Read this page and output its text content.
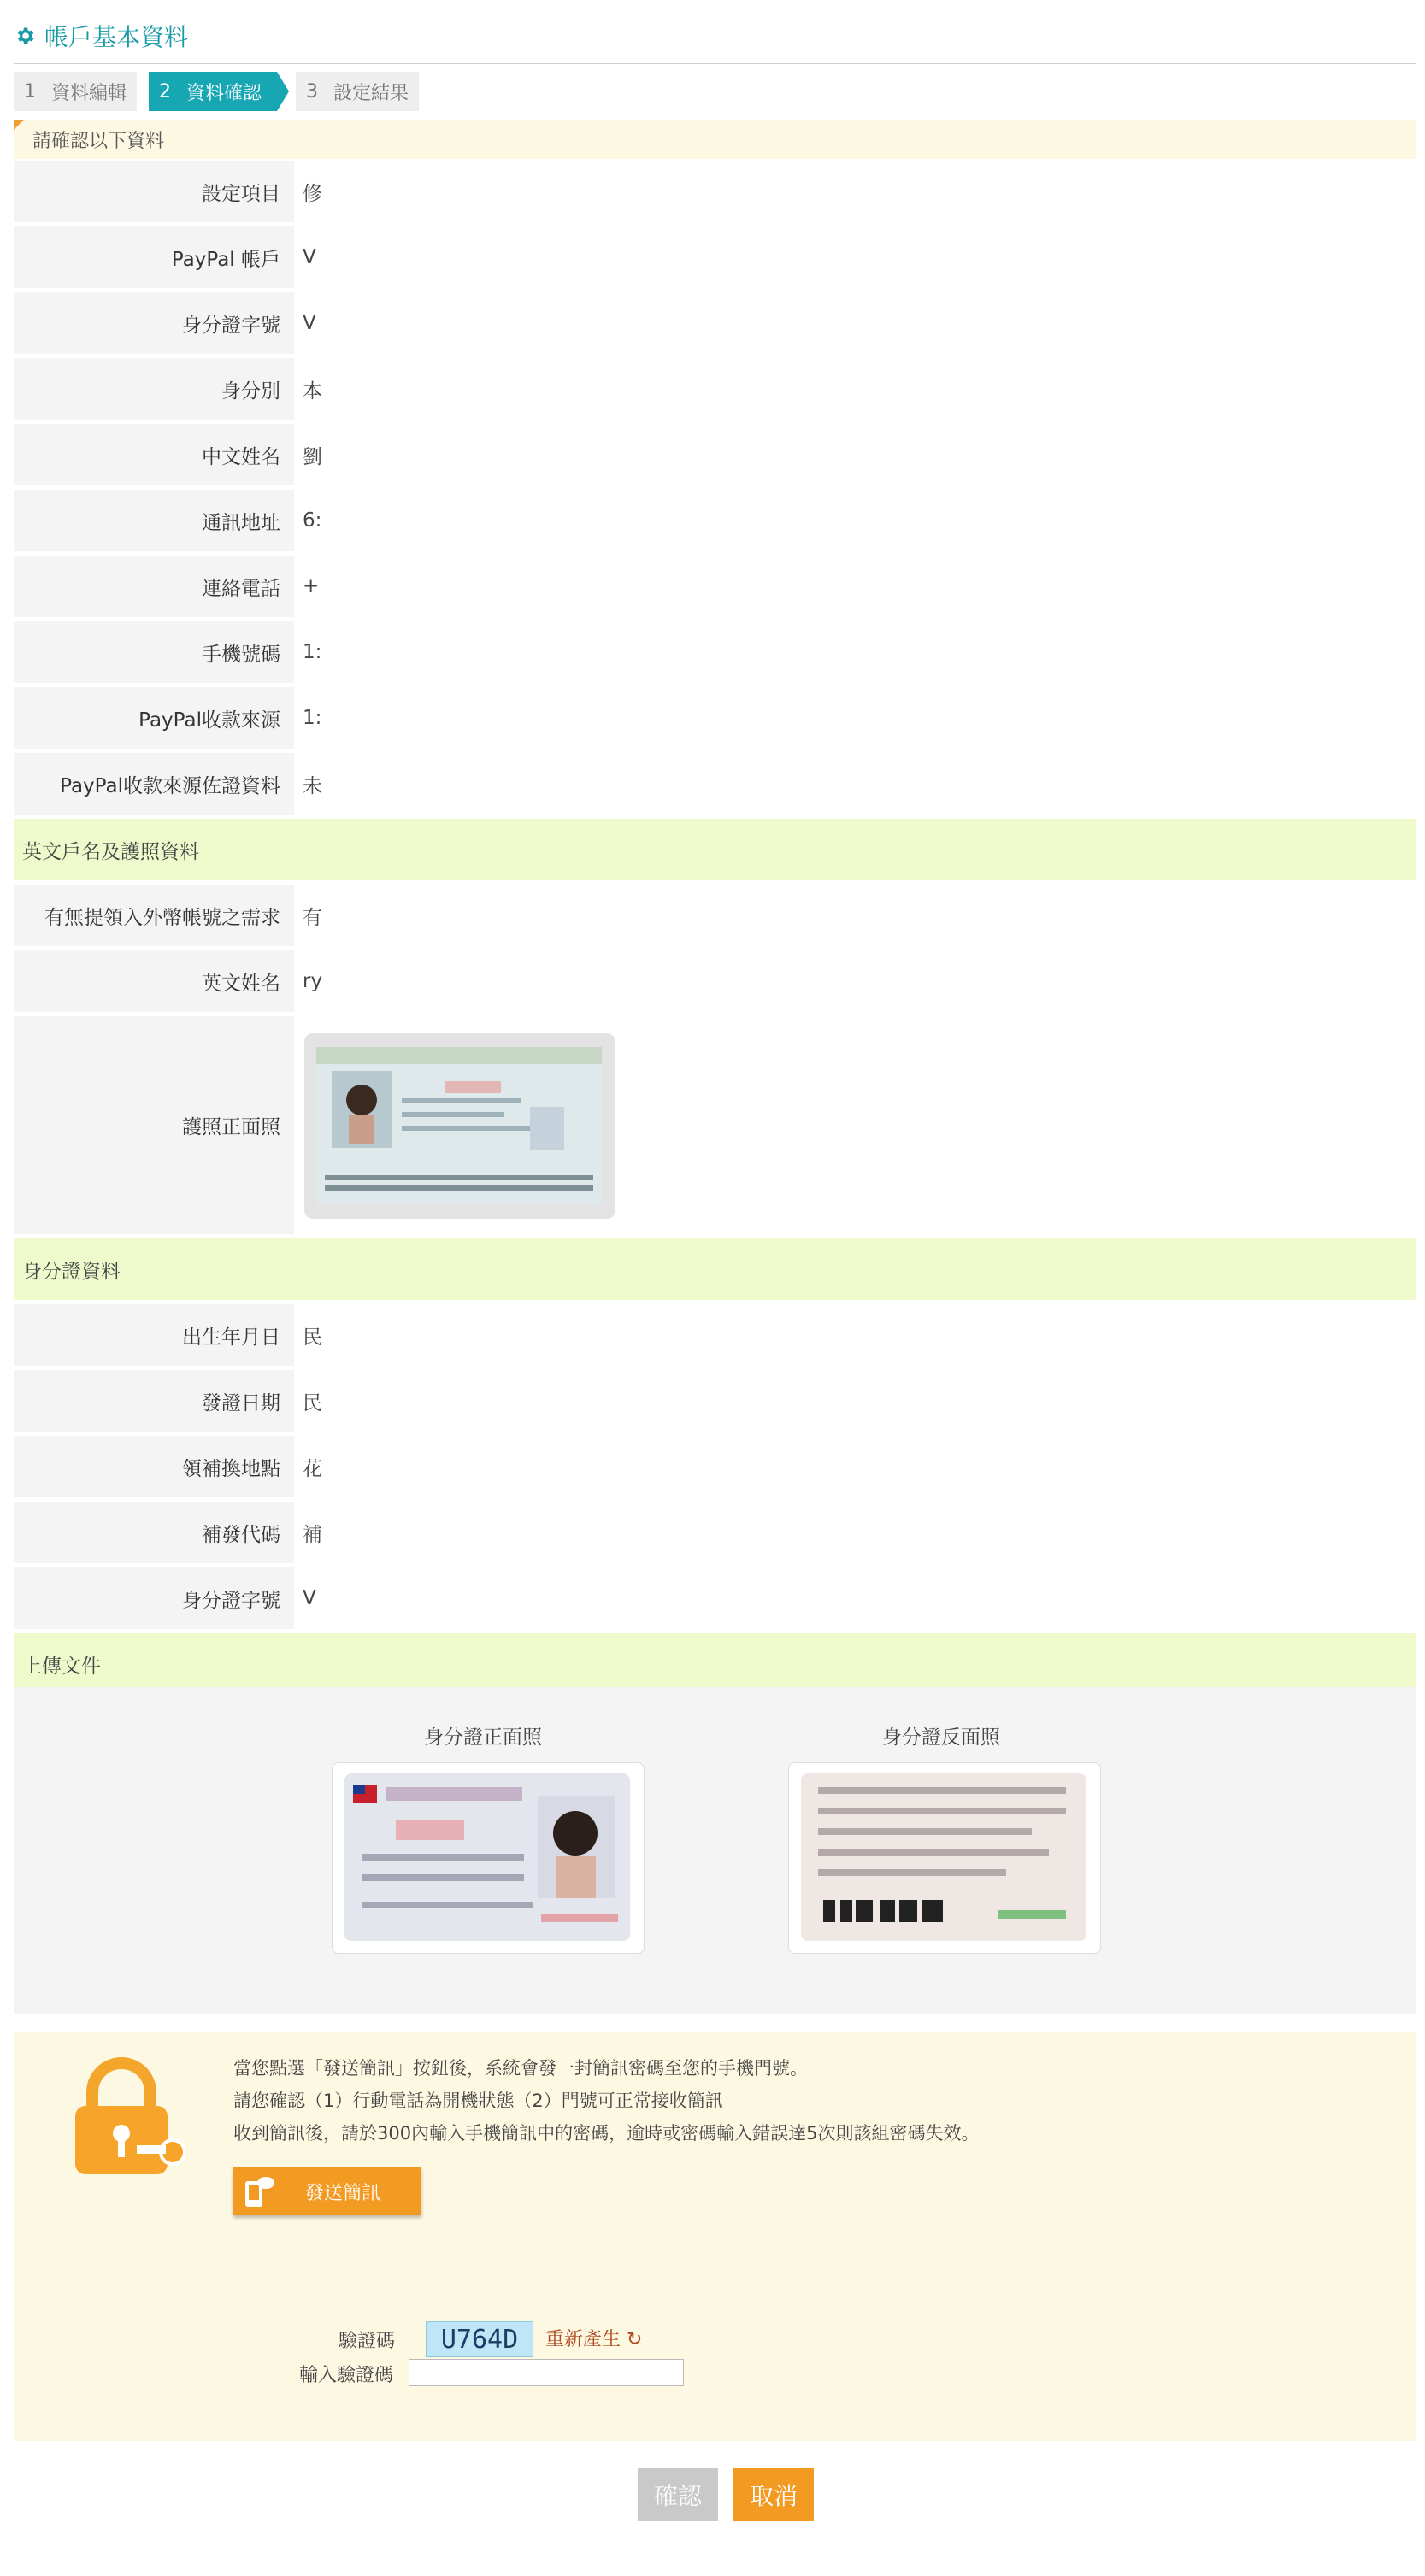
帳戶基本資料
1 資料編輯 2 資料確認 3 設定結果
請確認以下資料
設定項目	修
PayPal 帳戶	V
身分證字號	V
身分別	本
中文姓名	劉
通訊地址	6:
連絡電話	+
手機號碼	1:
PayPal收款來源	1:
PayPal收款來源佐證資料	未
英文戶名及護照資料
有無提領入外幣帳號之需求	有
英文姓名	ry
護照正面照
身分證資料
出生年月日	民
發證日期	民
領補換地點	花
補發代碼	補
身分證字號	V
上傳文件
身分證正面照	身分證反面照
當您點選「發送簡訊」按鈕後，系統會發一封簡訊密碼至您的手機門號。
請您確認（1）行動電話為開機狀態（2）門號可正常接收簡訊
收到簡訊後，請於300內輸入手機簡訊中的密碼，逾時或密碼輸入錯誤達5次則該組密碼失效。
發送簡訊
驗證碼	U764D	重新產生 ↻
輸入驗證碼
確認	取消
